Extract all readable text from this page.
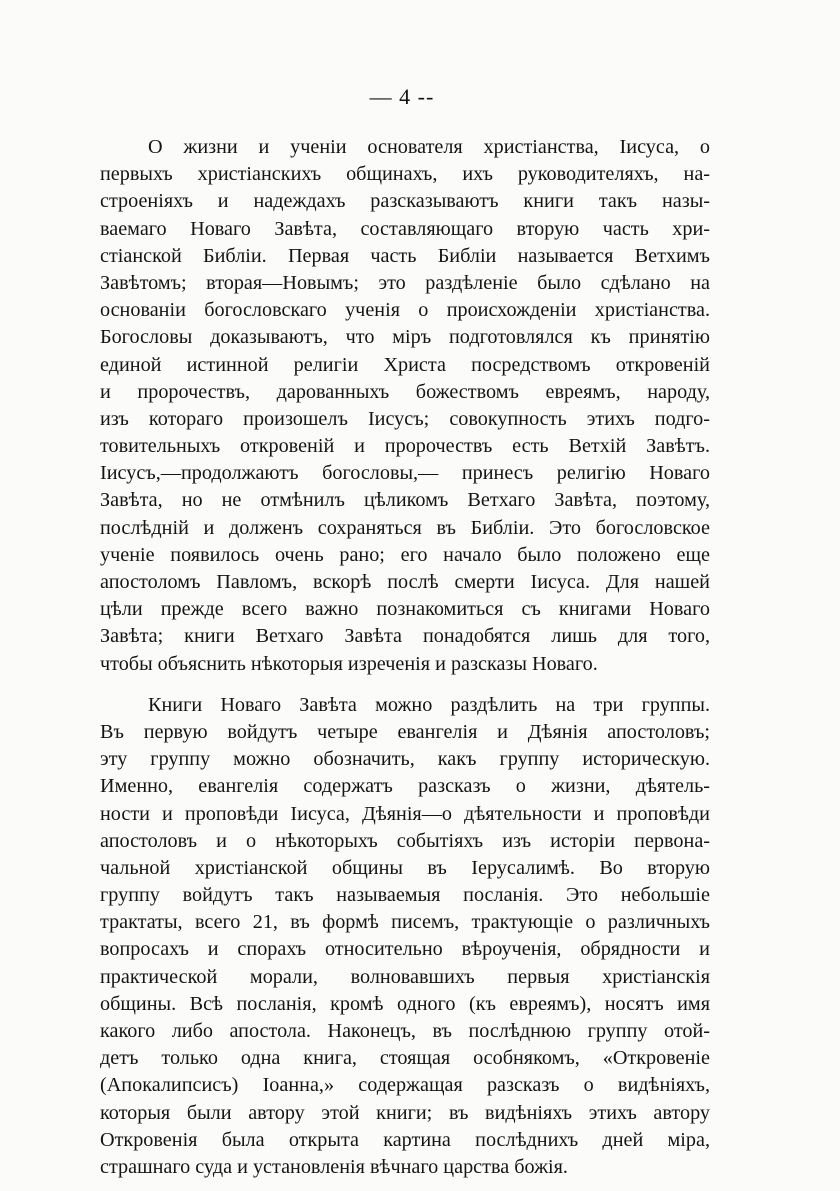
— 4 --
О жизни и ученiи основателя христiанства, Iисуса, о
первыхъ христiанскихъ общинахъ, ихъ руководителяхъ, на-
строенiяхъ и надеждахъ разсказываютъ книги такъ назы-
ваемаго Новаго Завѣта, составляющаго вторую часть хри-
стiанской Библiи. Первая часть Библiи называется Ветхимъ
Завѣтомъ; вторая—Новымъ; это раздѣленiе было сдѣлано на
основанiи богословскаго ученiя о происхожденiи христiанства.
Богословы доказываютъ, что мiръ подготовлялся къ принятiю
единой истинной религiи Христа посредствомъ откровенiй
и пророчествъ, дарованныхъ божествомъ евреямъ, народу,
изъ котораго произошелъ Iисусъ; совокупность этихъ подго-
товительныхъ откровенiй и пророчествъ есть Ветхiй Завѣтъ.
Iисусъ,—продолжаютъ богословы,— принесъ религiю Новаго
Завѣта, но не отмѣнилъ цѣликомъ Ветхаго Завѣта, поэтому,
послѣднiй и долженъ сохраняться въ Библiи. Это богословское
ученiе появилось очень рано; его начало было положено еще
апостоломъ Павломъ, вскорѣ послѣ смерти Iисуса. Для нашей
цѣли прежде всего важно познакомиться съ книгами Новаго
Завѣта; книги Ветхаго Завѣта понадобятся лишь для того,
чтобы объяснить нѣкоторыя изреченiя и разсказы Новаго.
Книги Новаго Завѣта можно раздѣлить на три группы.
Въ первую войдутъ четыре евангелiя и Дѣянiя апостоловъ;
эту группу можно обозначить, какъ группу историческую.
Именно, евангелiя содержатъ разсказъ о жизни, дѣятель-
ности и проповѣди Iисуса, Дѣянiя—о дѣятельности и проповѣди
апостоловъ и о нѣкоторыхъ событiяхъ изъ исторiи первона-
чальной христiанской общины въ Iерусалимѣ. Во вторую
группу войдутъ такъ называемыя посланiя. Это небольшiе
трактаты, всего 21, въ формѣ писемъ, трактующiе о различныхъ
вопросахъ и спорахъ относительно вѣроученiя, обрядности и
практической морали, волновавшихъ первыя христiанскiя
общины. Всѣ посланiя, кромѣ одного (къ евреямъ), носятъ имя
какого либо апостола. Наконецъ, въ послѣднюю группу отой-
детъ только одна книга, стоящая особнякомъ, «Откровенiе
(Апокалипсисъ) Iоанна,» содержащая разсказъ о видѣнiяхъ,
которыя были автору этой книги; въ видѣнiяхъ этихъ автору
Откровенiя была открыта картина послѣднихъ дней мiра,
страшнаго суда и установленiя вѣчнаго царства божiя.
